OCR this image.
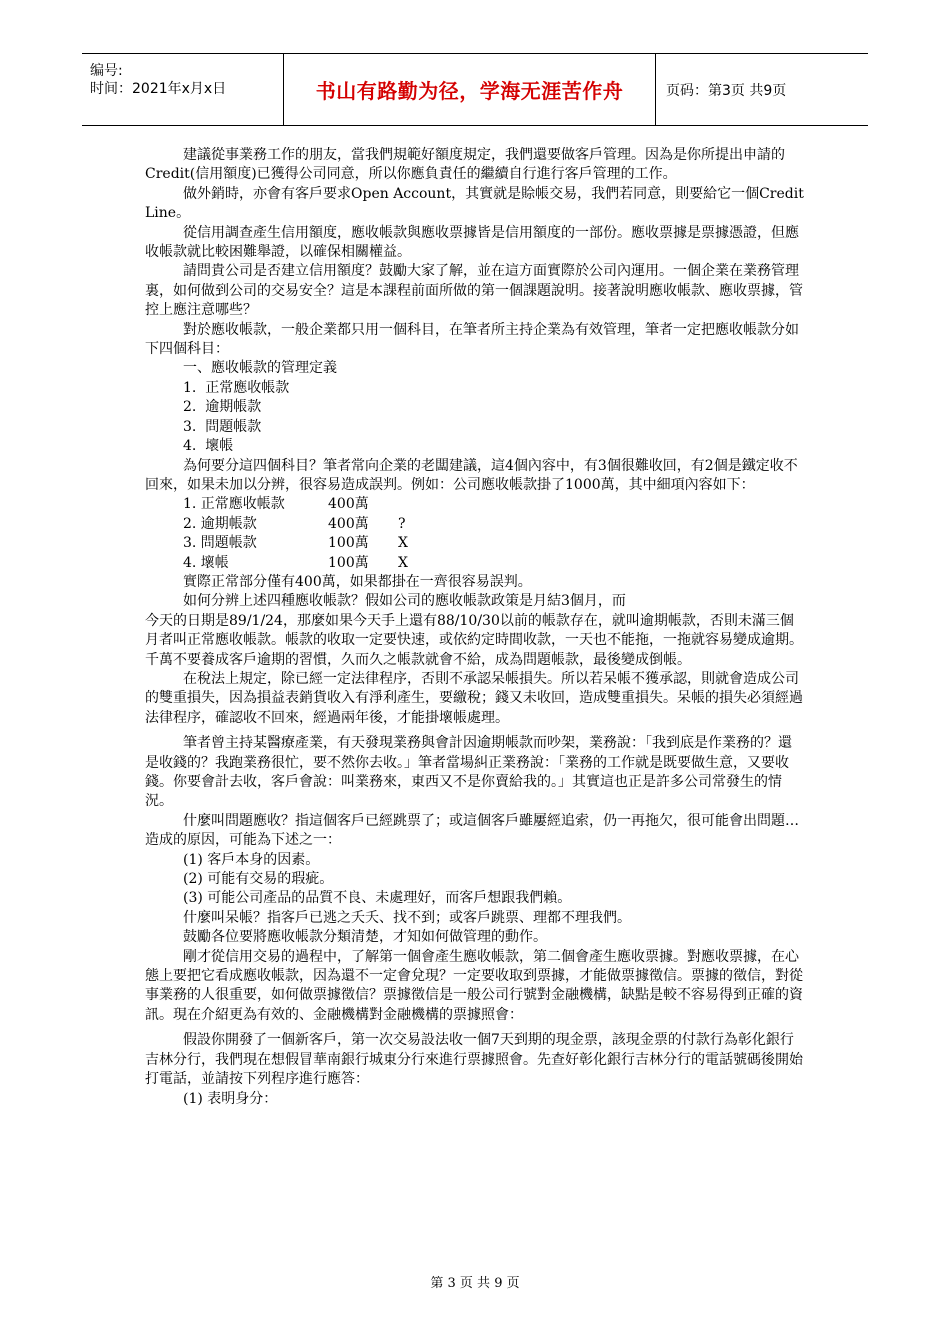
编号:
时间：2021年x月x日	书山有路勤为径，学海无涯苦作舟	页码：第3页 共9页

建議從事業務工作的朋友，當我們規範好額度規定，我們還要做客戶管理。因為是你所提出申請的Credit(信用額度)已獲得公司同意，所以你應負責任的繼續自行進行客戶管理的工作。

做外銷時，亦會有客戶要求Open Account，其實就是賒帳交易，我們若同意，則要給它一個Credit Line。

從信用調查產生信用額度，應收帳款與應收票據皆是信用額度的一部份。應收票據是票據憑證，但應收帳款就比較困難舉證，以確保相關權益。

請問貴公司是否建立信用額度？鼓勵大家了解，並在這方面實際於公司內運用。一個企業在業務管理裏，如何做到公司的交易安全？這是本課程前面所做的第一個課題說明。接著說明應收帳款、應收票據，管控上應注意哪些？

對於應收帳款，一般企業都只用一個科目，在筆者所主持企業為有效管理，筆者一定把應收帳款分如下四個科目：

一、應收帳款的管理定義

1.  正常應收帳款

2.  逾期帳款

3.  問題帳款

4.  壞帳

為何要分這四個科目？筆者常向企業的老闆建議，這4個內容中，有3個很難收回，有2個是鐵定收不回來，如果未加以分辨，很容易造成誤判。例如：公司應收帳款掛了1000萬，其中細項內容如下：

1. 正常應收帳款	400萬
2. 逾期帳款	400萬	?
3. 問題帳款	100萬	X
4. 壞帳	100萬	X

實際正常部分僅有400萬，如果都掛在一齊很容易誤判。

如何分辨上述四種應收帳款？假如公司的應收帳款政策是月結3個月，而

今天的日期是89/1/24，那麼如果今天手上還有88/10/30以前的帳款存在，就叫逾期帳款，否則未滿三個月者叫正常應收帳款。帳款的收取一定要快速，或依約定時間收款，一天也不能拖，一拖就容易變成逾期。千萬不要養成客戶逾期的習慣，久而久之帳款就會不給，成為問題帳款，最後變成倒帳。

在稅法上規定，除已經一定法律程序，否則不承認呆帳損失。所以若呆帳不獲承認，則就會造成公司的雙重損失，因為損益表銷貨收入有淨利產生，要繳稅；錢又未收回，造成雙重損失。呆帳的損失必須經過法律程序，確認收不回來，經過兩年後，才能掛壞帳處理。

筆者曾主持某醫療產業，有天發現業務與會計因逾期帳款而吵架，業務說：「我到底是作業務的？還是收錢的？我跑業務很忙，要不然你去收。」筆者當場糾正業務說：「業務的工作就是既要做生意，又要收錢。你要會計去收，客戶會說：叫業務來，東西又不是你賣給我的。」其實這也正是許多公司常發生的情況。

什麼叫問題應收？指這個客戶已經跳票了；或這個客戶雖屢經追索，仍一再拖欠，很可能會出問題…造成的原因，可能為下述之一：

(1) 客戶本身的因素。

(2) 可能有交易的瑕疵。

(3) 可能公司產品的品質不良、未處理好，而客戶想跟我們賴。

什麼叫呆帳？指客戶已逃之夭夭、找不到；或客戶跳票、理都不理我們。

鼓勵各位要將應收帳款分類清楚，才知如何做管理的動作。

剛才從信用交易的過程中，了解第一個會產生應收帳款，第二個會產生應收票據。對應收票據，在心態上要把它看成應收帳款，因為還不一定會兌現？一定要收取到票據，才能做票據徵信。票據的徵信，對從事業務的人很重要，如何做票據徵信？票據徵信是一般公司行號對金融機構，缺點是較不容易得到正確的資訊。現在介紹更為有效的、金融機構對金融機構的票據照會：

假設你開發了一個新客戶，第一次交易設法收一個7天到期的現金票，該現金票的付款行為彰化銀行吉林分行，我們現在想假冒華南銀行城東分行來進行票據照會。先查好彰化銀行吉林分行的電話號碼後開始打電話，並請按下列程序進行應答：

(1) 表明身分：

第 3 页 共 9 页
